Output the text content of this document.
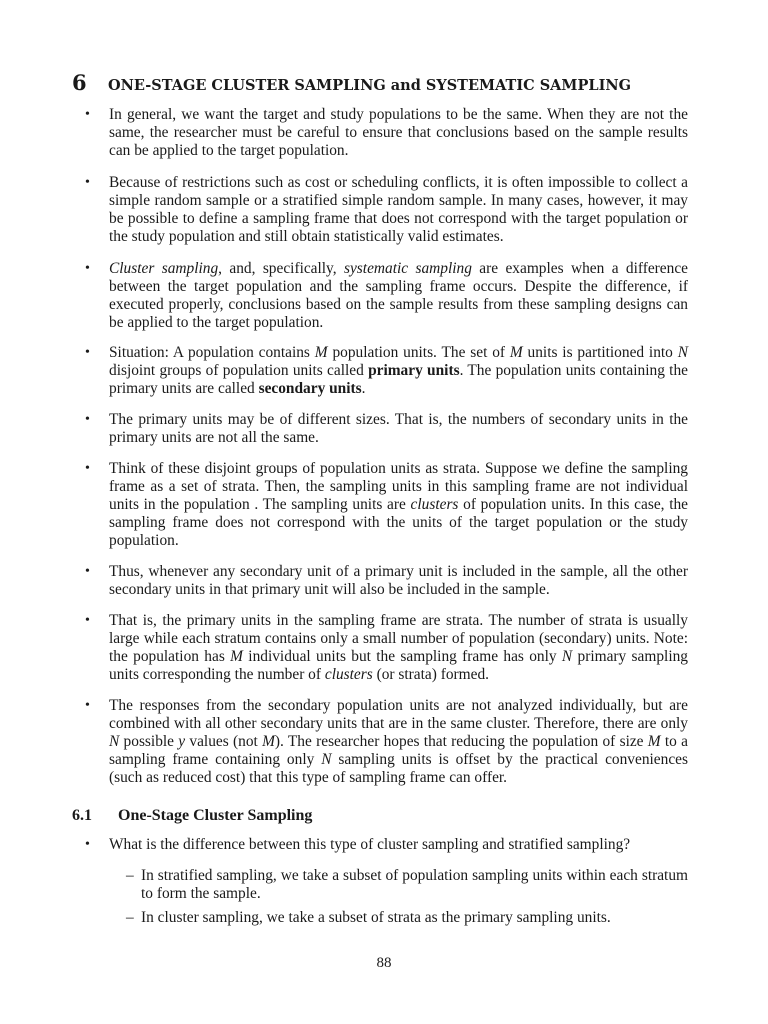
6 ONE-STAGE CLUSTER SAMPLING and SYSTEMATIC SAMPLING
•	In general, we want the target and study populations to be the same. When they are not the same, the researcher must be careful to ensure that conclusions based on the sample results can be applied to the target population.
•	Because of restrictions such as cost or scheduling conflicts, it is often impossible to collect a simple random sample or a stratified simple random sample. In many cases, however, it may be possible to define a sampling frame that does not correspond with the target population or the study population and still obtain statistically valid estimates.
•	Cluster sampling, and, specifically, systematic sampling are examples when a difference between the target population and the sampling frame occurs. Despite the difference, if executed properly, conclusions based on the sample results from these sampling designs can be applied to the target population.
•	Situation: A population contains M population units. The set of M units is partitioned into N disjoint groups of population units called primary units. The population units containing the primary units are called secondary units.
•	The primary units may be of different sizes. That is, the numbers of secondary units in the primary units are not all the same.
•	Think of these disjoint groups of population units as strata. Suppose we define the sampling frame as a set of strata. Then, the sampling units in this sampling frame are not individual units in the population . The sampling units are clusters of population units. In this case, the sampling frame does not correspond with the units of the target population or the study population.
•	Thus, whenever any secondary unit of a primary unit is included in the sample, all the other secondary units in that primary unit will also be included in the sample.
•	That is, the primary units in the sampling frame are strata. The number of strata is usually large while each stratum contains only a small number of population (secondary) units. Note: the population has M individual units but the sampling frame has only N primary sampling units corresponding the number of clusters (or strata) formed.
•	The responses from the secondary population units are not analyzed individually, but are combined with all other secondary units that are in the same cluster. Therefore, there are only N possible y values (not M). The researcher hopes that reducing the population of size M to a sampling frame containing only N sampling units is offset by the practical conveniences (such as reduced cost) that this type of sampling frame can offer.
6.1 One-Stage Cluster Sampling
•	What is the difference between this type of cluster sampling and stratified sampling?
– In stratified sampling, we take a subset of population sampling units within each stratum to form the sample.
– In cluster sampling, we take a subset of strata as the primary sampling units.
88
